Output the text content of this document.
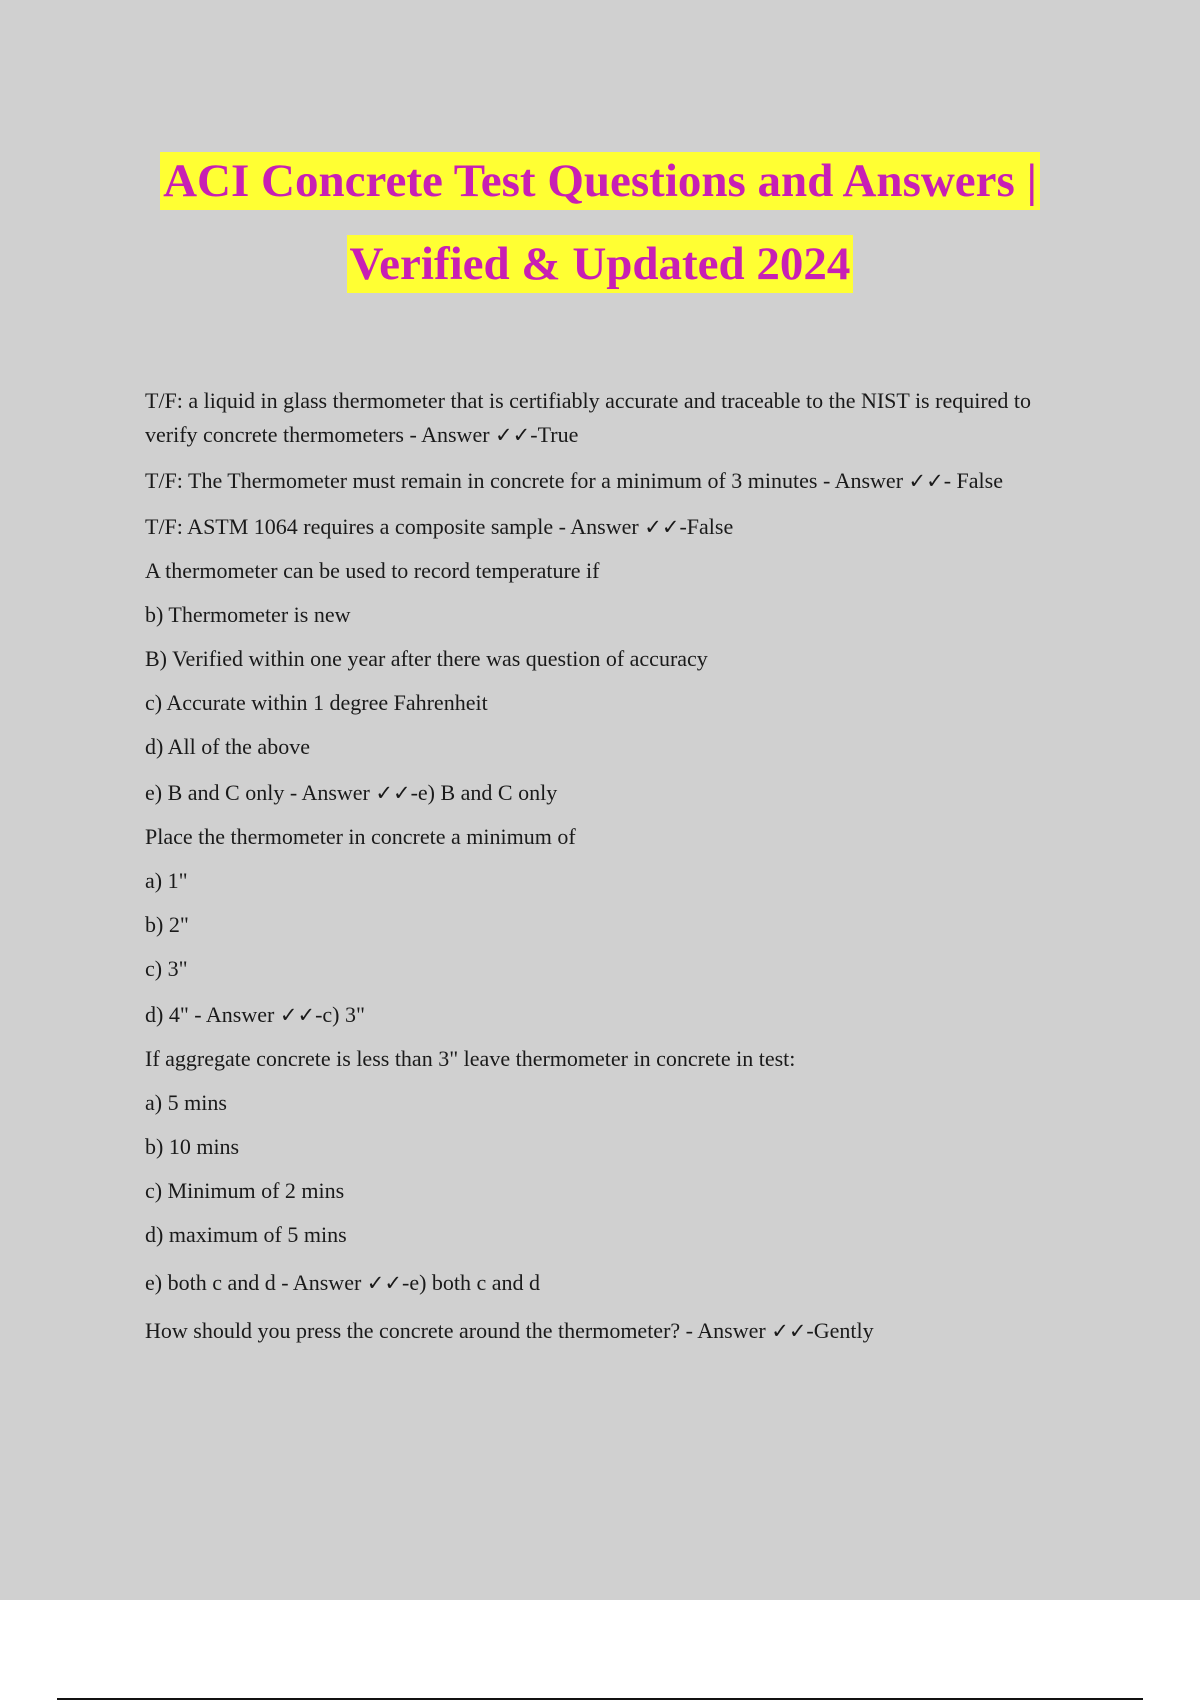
ACI Concrete Test Questions and Answers |
Verified & Updated 2024

T/F: a liquid in glass thermometer that is certifiably accurate and traceable to the NIST is required to verify concrete thermometers - Answer ✓✓-True

T/F: The Thermometer must remain in concrete for a minimum of 3 minutes - Answer ✓✓- False

T/F: ASTM 1064 requires a composite sample - Answer ✓✓-False

A thermometer can be used to record temperature if

b) Thermometer is new

B) Verified within one year after there was question of accuracy

c) Accurate within 1 degree Fahrenheit

d) All of the above

e) B and C only - Answer ✓✓-e) B and C only

Place the thermometer in concrete a minimum of

a) 1"

b) 2"

c) 3"

d) 4" - Answer ✓✓-c) 3"

If aggregate concrete is less than 3" leave thermometer in concrete in test:

a) 5 mins

b) 10 mins

c) Minimum of 2 mins

d) maximum of 5 mins

e) both c and d - Answer ✓✓-e) both c and d

How should you press the concrete around the thermometer? - Answer ✓✓-Gently
